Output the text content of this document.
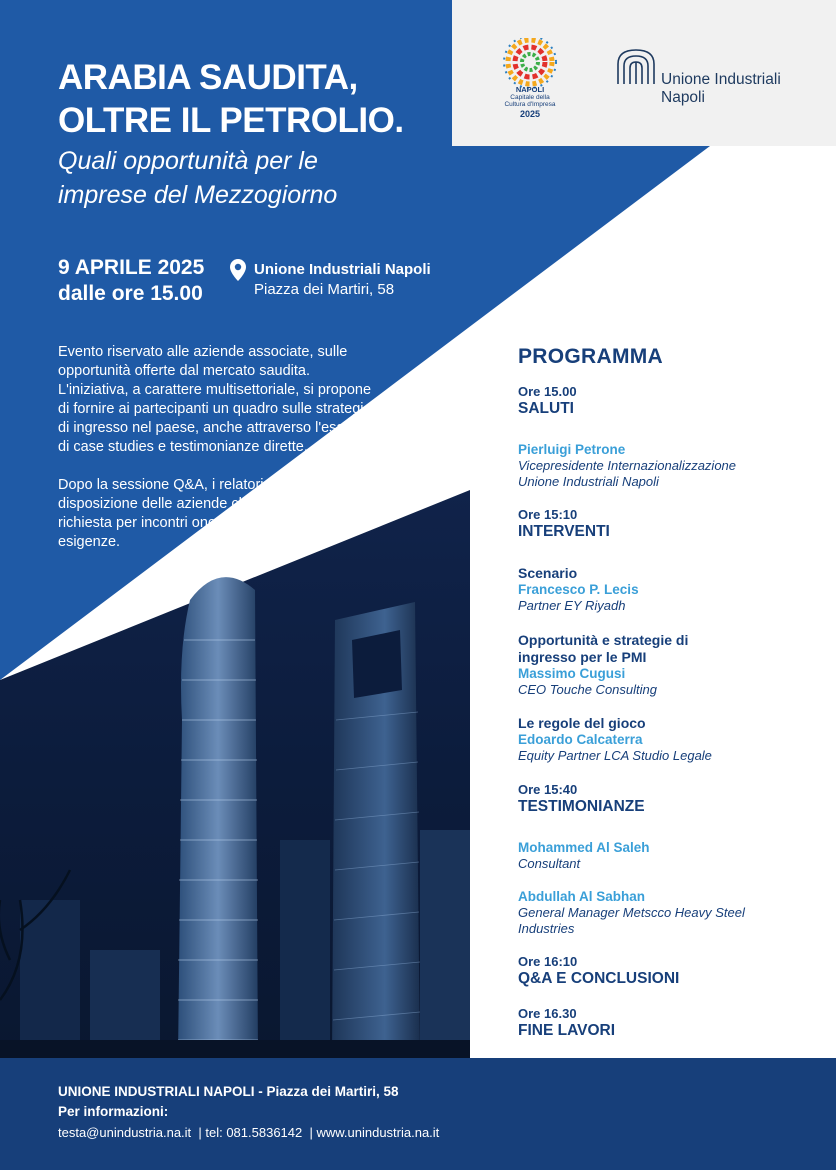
NAPOLI
Capitale della
Cultura d'Impresa
2025
Unione Industriali
Napoli
ARABIA SAUDITA,
OLTRE IL PETROLIO.
Quali opportunità per le
imprese del Mezzogiorno
9 APRILE 2025
dalle ore 15.00
Unione Industriali Napoli
Piazza dei Martiri, 58

Evento riservato alle aziende associate, sulle opportunità offerte dal mercato saudita. L'iniziativa, a carattere multisettoriale, si propone di fornire ai partecipanti un quadro sulle strategie di ingresso nel paese, anche attraverso l'esame di case studies e testimonianze dirette.

Dopo la sessione Q&A, i relatori sono a disposizione delle aziende che ne faranno richiesta per incontri one to one su specifiche esigenze.

PROGRAMMA
Ore 15.00
SALUTI
Pierluigi Petrone
Vicepresidente Internazionalizzazione
Unione Industriali Napoli
Ore 15:10
INTERVENTI
Scenario
Francesco P. Lecis
Partner EY Riyadh
Opportunità e strategie di
ingresso per le PMI
Massimo Cugusi
CEO Touche Consulting
Le regole del gioco
Edoardo Calcaterra
Equity Partner LCA Studio Legale
Ore 15:40
TESTIMONIANZE
Mohammed Al Saleh
Consultant
Abdullah Al Sabhan
General Manager Metscco Heavy Steel
Industries
Ore 16:10
Q&A E CONCLUSIONI
Ore 16.30
FINE LAVORI
UNIONE INDUSTRIALI NAPOLI - Piazza dei Martiri, 58
Per informazioni:
testa@unindustria.na.it  | tel: 081.5836142  | www.unindustria.na.it
